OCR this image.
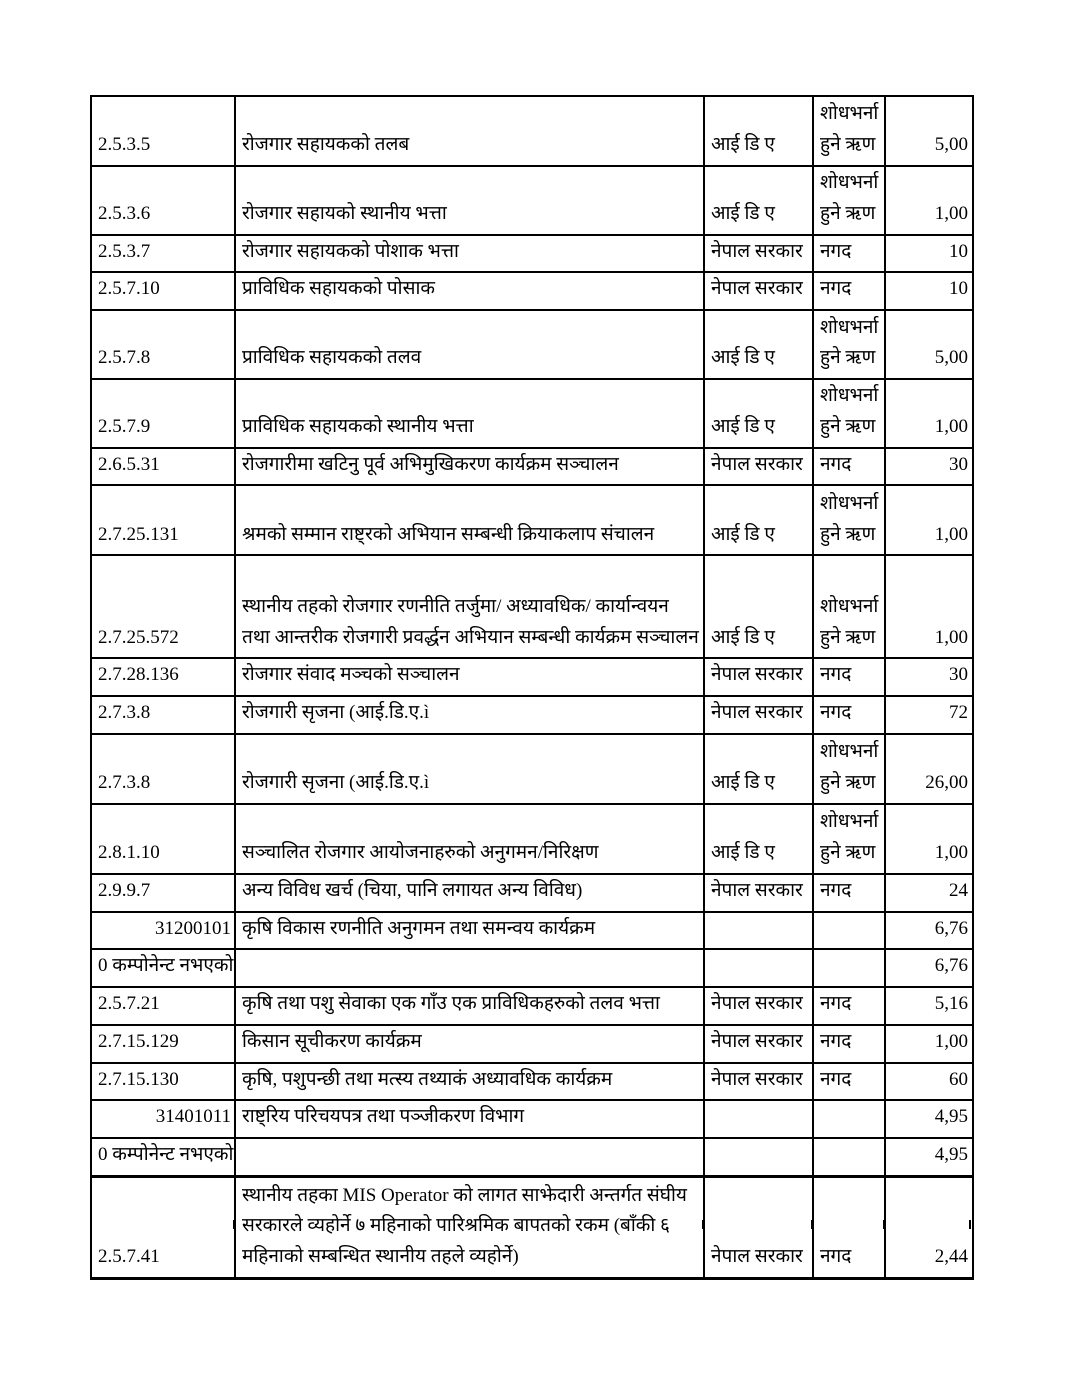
2.5.3.5	रोजगार सहायकको तलब	आई डि ए	शोधभर्ना हुने ऋण	5,00
2.5.3.6	रोजगार सहायको स्थानीय भत्ता	आई डि ए	शोधभर्ना हुने ऋण	1,00
2.5.3.7	रोजगार सहायकको पोशाक भत्ता	नेपाल सरकार	नगद	10
2.5.7.10	प्राविधिक सहायकको पोसाक	नेपाल सरकार	नगद	10
2.5.7.8	प्राविधिक सहायकको तलव	आई डि ए	शोधभर्ना हुने ऋण	5,00
2.5.7.9	प्राविधिक सहायकको स्थानीय भत्ता	आई डि ए	शोधभर्ना हुने ऋण	1,00
2.6.5.31	रोजगारीमा खटिनु पूर्व अभिमुखिकरण कार्यक्रम सञ्चालन	नेपाल सरकार	नगद	30
2.7.25.131	श्रमको सम्मान राष्ट्रको अभियान सम्बन्धी क्रियाकलाप संचालन	आई डि ए	शोधभर्ना हुने ऋण	1,00
2.7.25.572	स्थानीय तहको रोजगार रणनीति तर्जुमा/ अध्यावधिक/ कार्यान्वयन तथा आन्तरीक रोजगारी प्रवर्द्धन अभियान सम्बन्धी कार्यक्रम सञ्चालन	आई डि ए	शोधभर्ना हुने ऋण	1,00
2.7.28.136	रोजगार संवाद मञ्चको सञ्चालन	नेपाल सरकार	नगद	30
2.7.3.8	रोजगारी सृजना (आई.डि.ए.ì	नेपाल सरकार	नगद	72
2.7.3.8	रोजगारी सृजना (आई.डि.ए.ì	आई डि ए	शोधभर्ना हुने ऋण	26,00
2.8.1.10	सञ्चालित रोजगार आयोजनाहरुको अनुगमन/निरिक्षण	आई डि ए	शोधभर्ना हुने ऋण	1,00
2.9.9.7	अन्य विविध खर्च (चिया, पानि लगायत अन्य विविध)	नेपाल सरकार	नगद	24
31200101	कृषि विकास रणनीति अनुगमन तथा समन्वय कार्यक्रम			6,76
0 कम्पोनेन्ट नभएको				6,76
2.5.7.21	कृषि तथा पशु सेवाका एक गाँउ एक प्राविधिकहरुको तलव भत्ता	नेपाल सरकार	नगद	5,16
2.7.15.129	किसान सूचीकरण कार्यक्रम	नेपाल सरकार	नगद	1,00
2.7.15.130	कृषि, पशुपन्छी तथा मत्स्य तथ्याकं अध्यावधिक कार्यक्रम	नेपाल सरकार	नगद	60
31401011	राष्ट्रिय परिचयपत्र तथा पञ्जीकरण विभाग			4,95
0 कम्पोनेन्ट नभएको				4,95
2.5.7.41	स्थानीय तहका MIS Operator को लागत साझेदारी अन्तर्गत संघीय सरकारले व्यहोर्ने ७ महिनाको पारिश्रमिक बापतको रकम (बाँकी ६ महिनाको सम्बन्धित स्थानीय तहले व्यहोर्ने)	नेपाल सरकार	नगद	2,44
